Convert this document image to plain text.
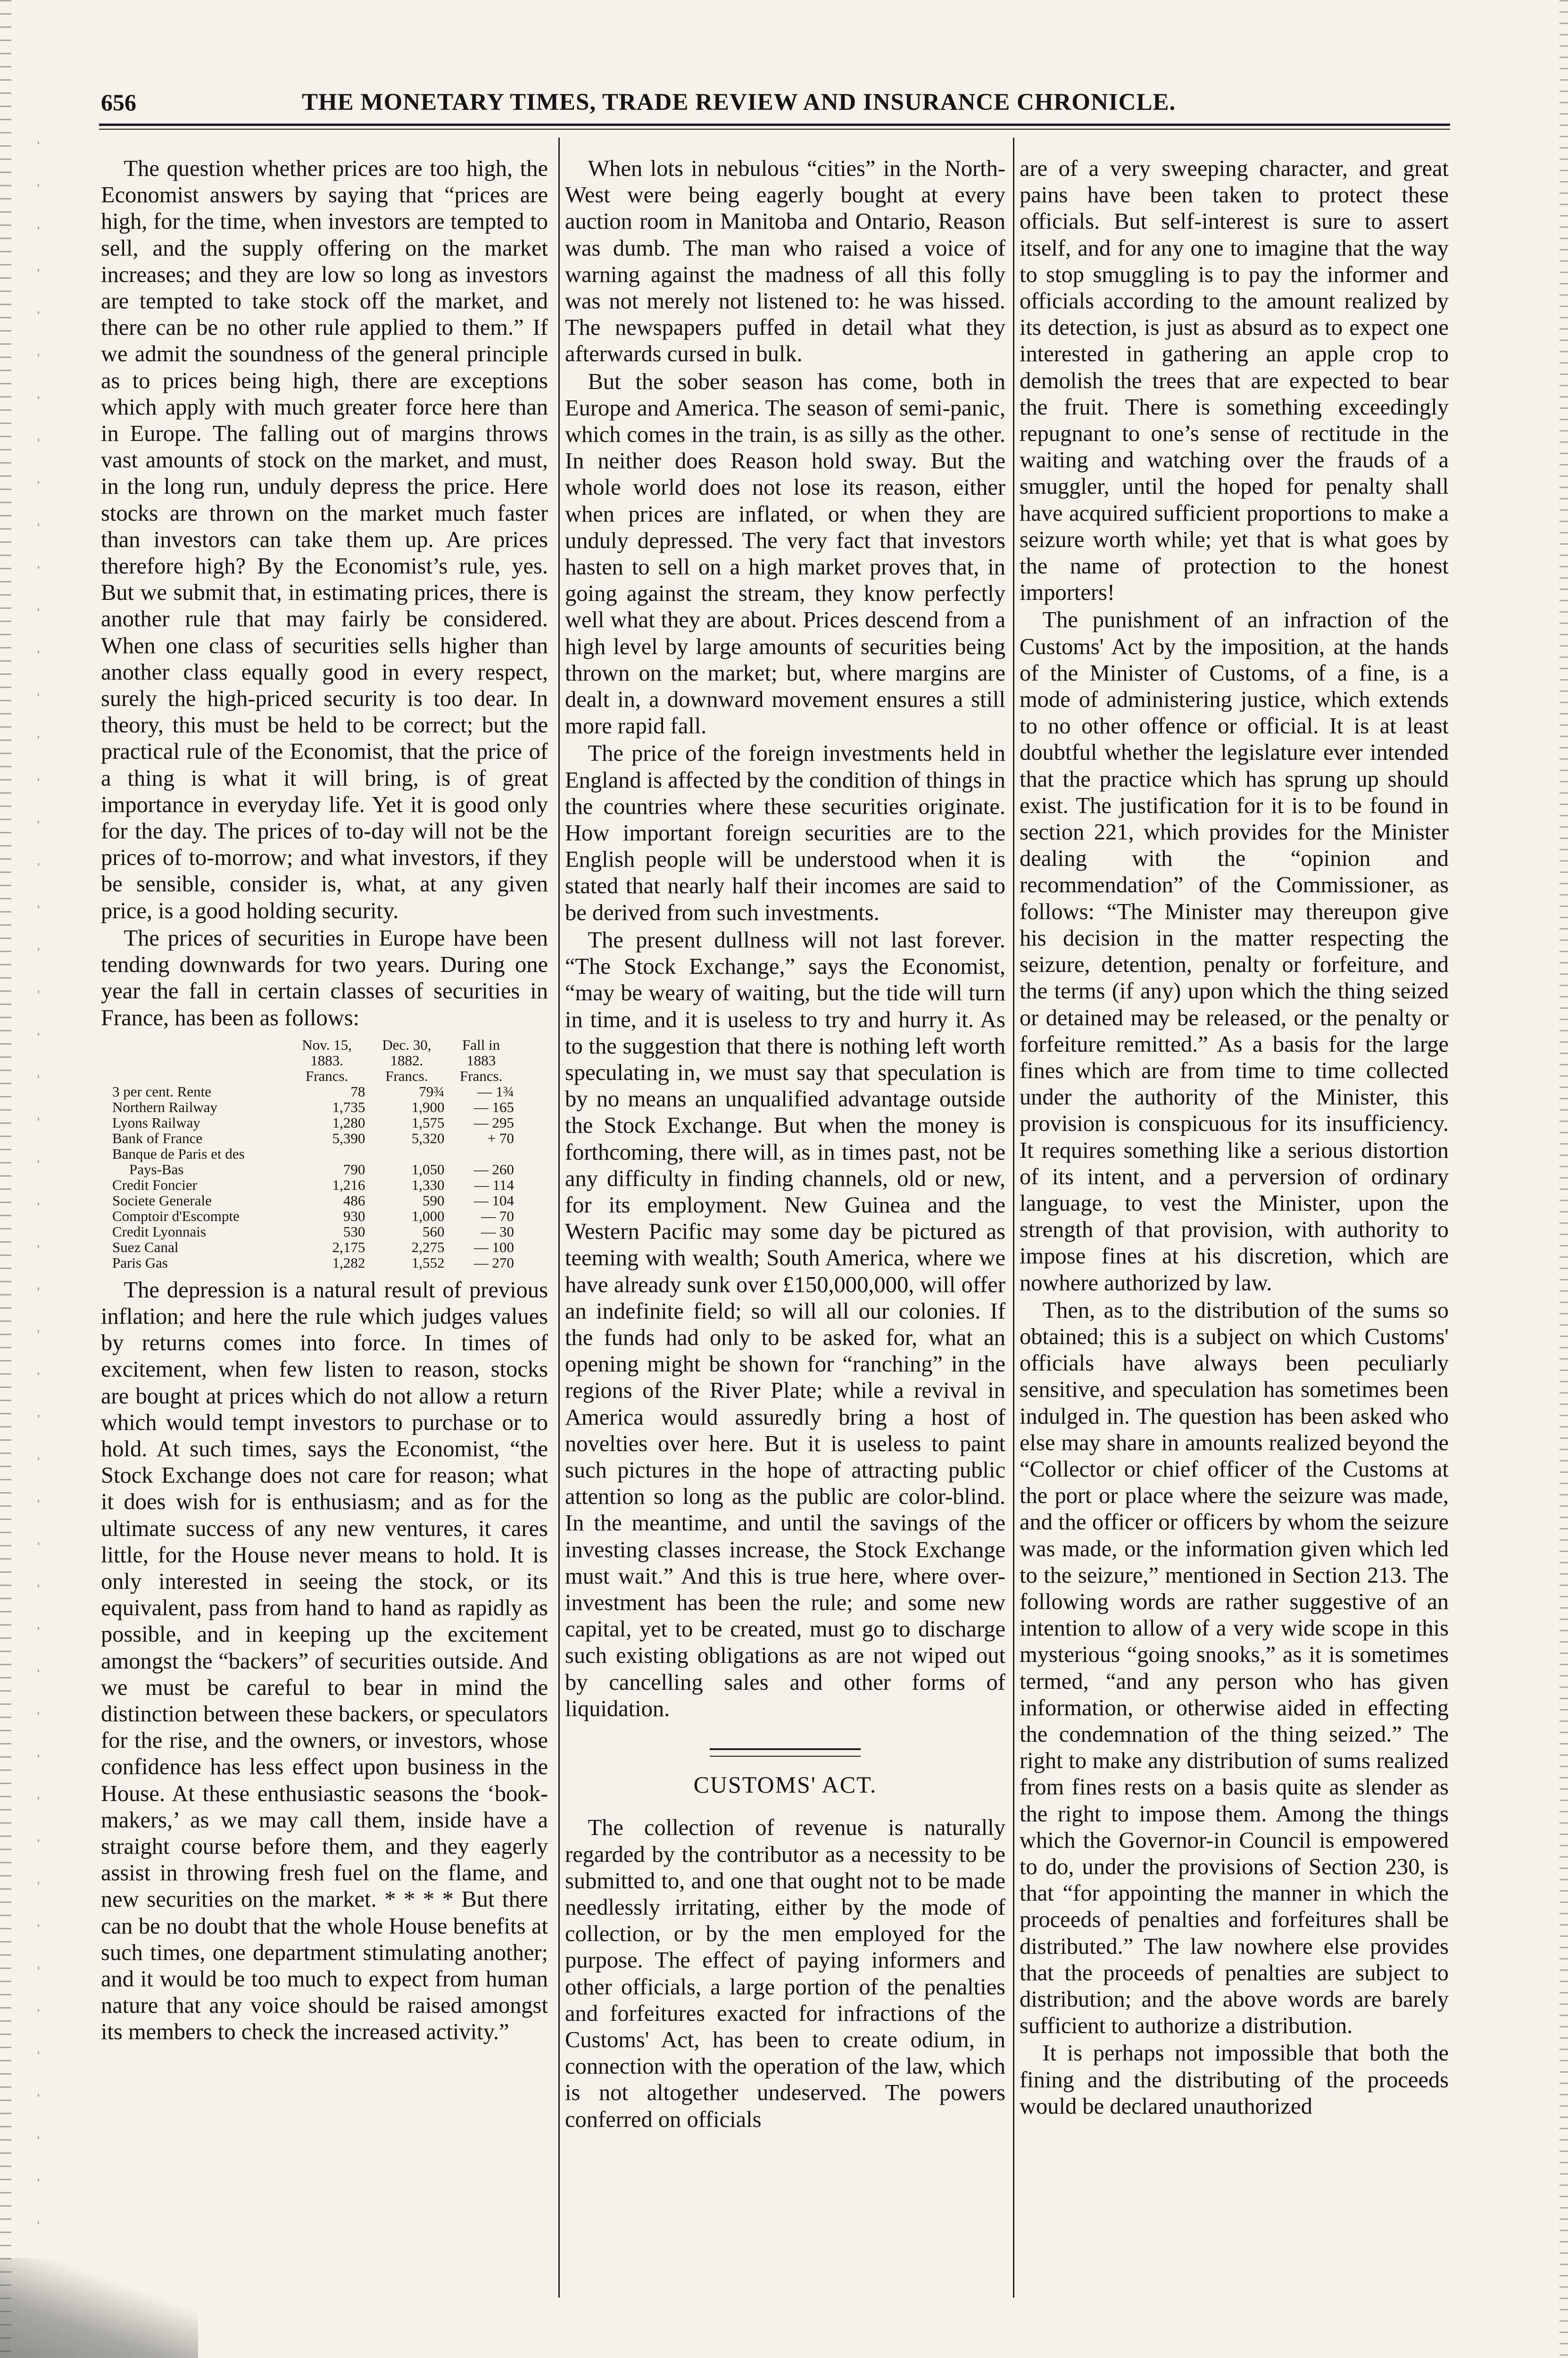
656	THE MONETARY TIMES, TRADE REVIEW AND INSURANCE CHRONICLE.

The question whether prices are too high, the Economist answers by saying that “prices are high, for the time, when investors are tempted to sell, and the supply offering on the market increases; and they are low so long as investors are tempted to take stock off the market, and there can be no other rule applied to them.” If we admit the soundness of the general principle as to prices being high, there are exceptions which apply with much greater force here than in Europe. The falling out of margins throws vast amounts of stock on the market, and must, in the long run, unduly depress the price. Here stocks are thrown on the market much faster than investors can take them up. Are prices therefore high? By the Economist’s rule, yes. But we submit that, in estimating prices, there is another rule that may fairly be considered. When one class of securities sells higher than another class equally good in every respect, surely the high-priced security is too dear. In theory, this must be held to be correct; but the practical rule of the Economist, that the price of a thing is what it will bring, is of great importance in everyday life. Yet it is good only for the day. The prices of to-day will not be the prices of to-morrow; and what investors, if they be sensible, consider is, what, at any given price, is a good holding security.

The prices of securities in Europe have been tending downwards for two years. During one year the fall in certain classes of securities in France, has been as follows:

	Nov. 15,
1883.
Francs.	Dec. 30,
1882.
Francs.	Fall in
1883
Francs.
3 per cent. Rente	78	79¾	— 1¾
Northern Railway	1,735	1,900	— 165
Lyons Railway	1,280	1,575	— 295
Bank of France	5,390	5,320	+ 70
Banque de Paris et des			
Pays-Bas	790	1,050	— 260
Credit Foncier	1,216	1,330	— 114
Societe Generale	486	590	— 104
Comptoir d'Escompte	930	1,000	— 70
Credit Lyonnais	530	560	— 30
Suez Canal	2,175	2,275	— 100
Paris Gas	1,282	1,552	— 270

The depression is a natural result of previous inflation; and here the rule which judges values by returns comes into force. In times of excitement, when few listen to reason, stocks are bought at prices which do not allow a return which would tempt investors to purchase or to hold. At such times, says the Economist, “the Stock Exchange does not care for reason; what it does wish for is enthusiasm; and as for the ultimate success of any new ventures, it cares little, for the House never means to hold. It is only interested in seeing the stock, or its equivalent, pass from hand to hand as rapidly as possible, and in keeping up the excitement amongst the “backers” of securities outside. And we must be careful to bear in mind the distinction between these backers, or speculators for the rise, and the owners, or investors, whose confidence has less effect upon business in the House. At these enthusiastic seasons the ‘book-makers,’ as we may call them, inside have a straight course before them, and they eagerly assist in throwing fresh fuel on the flame, and new securities on the market. * * * * But there can be no doubt that the whole House benefits at such times, one department stimulating another; and it would be too much to expect from human nature that any voice should be raised amongst its members to check the increased activity.”

When lots in nebulous “cities” in the North-West were being eagerly bought at every auction room in Manitoba and Ontario, Reason was dumb. The man who raised a voice of warning against the madness of all this folly was not merely not listened to: he was hissed. The newspapers puffed in detail what they afterwards cursed in bulk.

But the sober season has come, both in Europe and America. The season of semi-panic, which comes in the train, is as silly as the other. In neither does Reason hold sway. But the whole world does not lose its reason, either when prices are inflated, or when they are unduly depressed. The very fact that investors hasten to sell on a high market proves that, in going against the stream, they know perfectly well what they are about. Prices descend from a high level by large amounts of securities being thrown on the market; but, where margins are dealt in, a downward movement ensures a still more rapid fall.

The price of the foreign investments held in England is affected by the condition of things in the countries where these securities originate. How important foreign securities are to the English people will be understood when it is stated that nearly half their incomes are said to be derived from such investments.

The present dullness will not last forever. “The Stock Exchange,” says the Economist, “may be weary of waiting, but the tide will turn in time, and it is useless to try and hurry it. As to the suggestion that there is nothing left worth speculating in, we must say that speculation is by no means an unqualified advantage outside the Stock Exchange. But when the money is forthcoming, there will, as in times past, not be any difficulty in finding channels, old or new, for its employment. New Guinea and the Western Pacific may some day be pictured as teeming with wealth; South America, where we have already sunk over £150,000,000, will offer an indefinite field; so will all our colonies. If the funds had only to be asked for, what an opening might be shown for “ranching” in the regions of the River Plate; while a revival in America would assuredly bring a host of novelties over here. But it is useless to paint such pictures in the hope of attracting public attention so long as the public are color-blind. In the meantime, and until the savings of the investing classes increase, the Stock Exchange must wait.” And this is true here, where over-investment has been the rule; and some new capital, yet to be created, must go to discharge such existing obligations as are not wiped out by cancelling sales and other forms of liquidation.

CUSTOMS' ACT.

The collection of revenue is naturally regarded by the contributor as a necessity to be submitted to, and one that ought not to be made needlessly irritating, either by the mode of collection, or by the men employed for the purpose. The effect of paying informers and other officials, a large portion of the penalties and forfeitures exacted for infractions of the Customs' Act, has been to create odium, in connection with the operation of the law, which is not altogether undeserved. The powers conferred on officials

are of a very sweeping character, and great pains have been taken to protect these officials. But self-interest is sure to assert itself, and for any one to imagine that the way to stop smuggling is to pay the informer and officials according to the amount realized by its detection, is just as absurd as to expect one interested in gathering an apple crop to demolish the trees that are expected to bear the fruit. There is something exceedingly repugnant to one’s sense of rectitude in the waiting and watching over the frauds of a smuggler, until the hoped for penalty shall have acquired sufficient proportions to make a seizure worth while; yet that is what goes by the name of protection to the honest importers!

The punishment of an infraction of the Customs' Act by the imposition, at the hands of the Minister of Customs, of a fine, is a mode of administering justice, which extends to no other offence or official. It is at least doubtful whether the legislature ever intended that the practice which has sprung up should exist. The justification for it is to be found in section 221, which provides for the Minister dealing with the “opinion and recommendation” of the Commissioner, as follows: “The Minister may thereupon give his decision in the matter respecting the seizure, detention, penalty or forfeiture, and the terms (if any) upon which the thing seized or detained may be released, or the penalty or forfeiture remitted.” As a basis for the large fines which are from time to time collected under the authority of the Minister, this provision is conspicuous for its insufficiency. It requires something like a serious distortion of its intent, and a perversion of ordinary language, to vest the Minister, upon the strength of that provision, with authority to impose fines at his discretion, which are nowhere authorized by law.

Then, as to the distribution of the sums so obtained; this is a subject on which Customs' officials have always been peculiarly sensitive, and speculation has sometimes been indulged in. The question has been asked who else may share in amounts realized beyond the “Collector or chief officer of the Customs at the port or place where the seizure was made, and the officer or officers by whom the seizure was made, or the information given which led to the seizure,” mentioned in Section 213. The following words are rather suggestive of an intention to allow of a very wide scope in this mysterious “going snooks,” as it is sometimes termed, “and any person who has given information, or otherwise aided in effecting the condemnation of the thing seized.” The right to make any distribution of sums realized from fines rests on a basis quite as slender as the right to impose them. Among the things which the Governor-in Council is empowered to do, under the provisions of Section 230, is that “for appointing the manner in which the proceeds of penalties and forfeitures shall be distributed.” The law nowhere else provides that the proceeds of penalties are subject to distribution; and the above words are barely sufficient to authorize a distribution.

It is perhaps not impossible that both the fining and the distributing of the proceeds would be declared unauthorized
